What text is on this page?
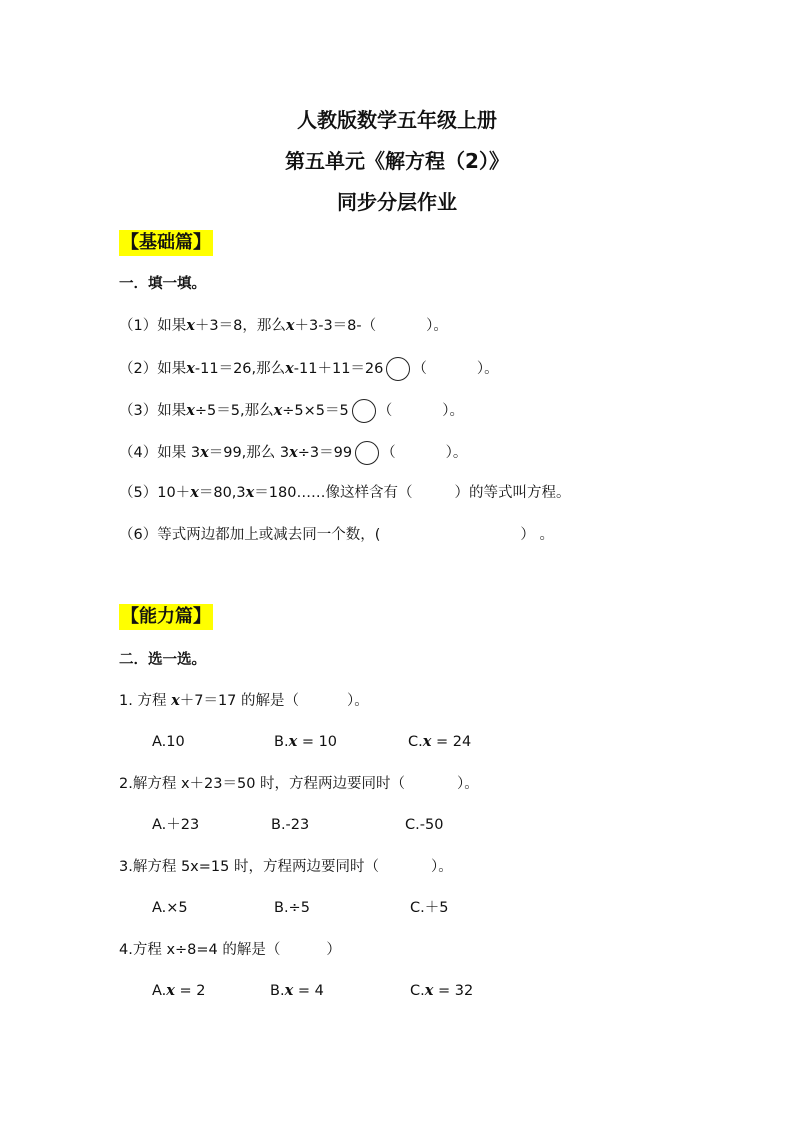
人教版数学五年级上册
第五单元《解方程（2）》
同步分层作业
【基础篇】
一．填一填。
（1）如果x＋3＝8，那么x＋3-3＝8-（	）。
（2）如果x-11＝26,那么x-11＋11＝26 （	）。
（3）如果x÷5＝5,那么x÷5×5＝5 （	）。
（4）如果 3x＝99,那么 3x÷3＝99 （	）。
（5）10＋x＝80,3x＝180……像这样含有（	）的等式叫方程。
（6）等式两边都加上或减去同一个数，(	） 。
【能力篇】
二．选一选。
1. 方程 x＋7＝17 的解是（	）。
A.10	B.x = 10	C.x = 24
2.解方程 x＋23＝50 时，方程两边要同时（	）。
A.＋23	B.-23	C.-50
3.解方程 5x=15 时，方程两边要同时（	）。
A.×5	B.÷5	C.＋5
4.方程 x÷8=4 的解是（	）
A.x = 2	B.x = 4	C.x = 32
